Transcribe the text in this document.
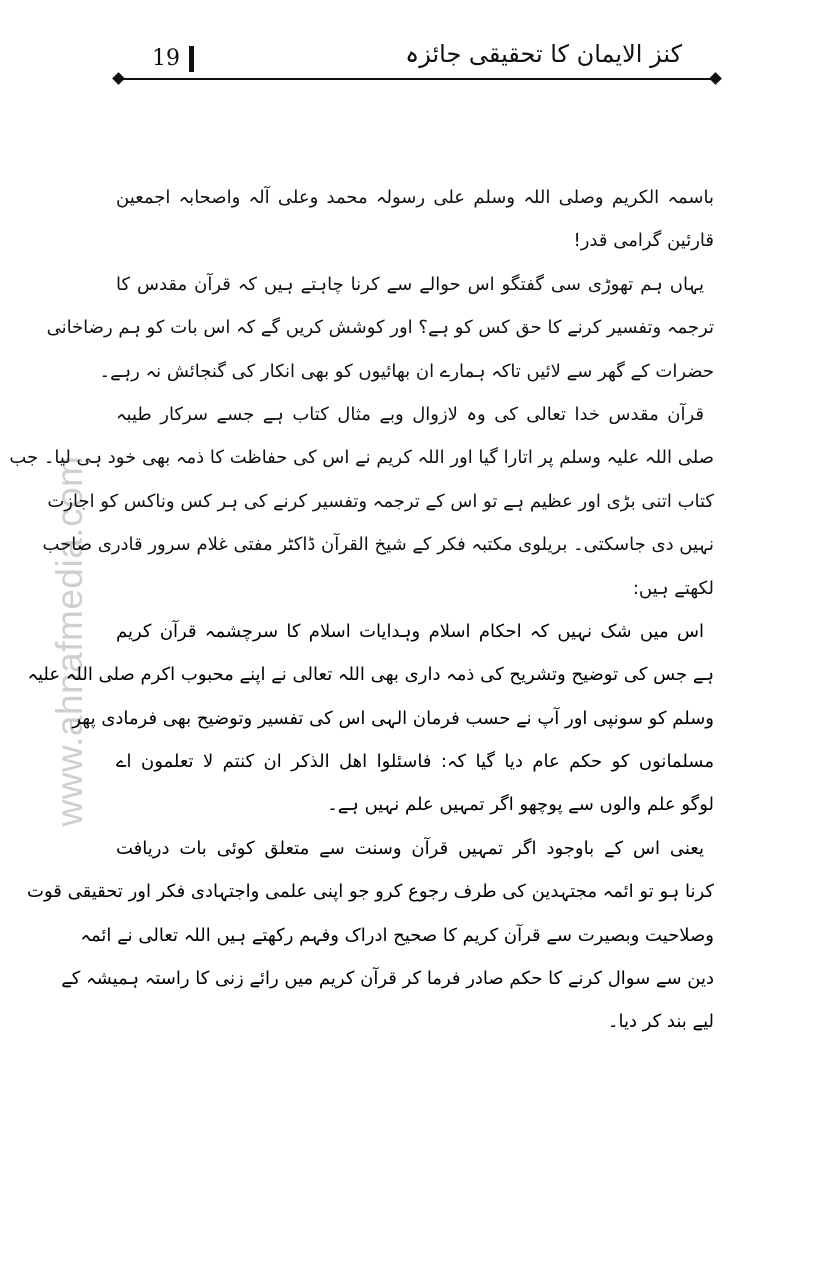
19	کنز الایمان کا تحقیقی جائزہ
www.ahnafmedia.com
باسمہ الکریم وصلی اللہ وسلم علی رسولہ محمد وعلی آلہ واصحابہ اجمعین
قارئین گرامی قدر!
یہاں ہم تھوڑی سی گفتگو اس حوالے سے کرنا چاہتے ہیں کہ قرآن مقدس کا
ترجمہ وتفسیر کرنے کا حق کس کو ہے؟ اور کوشش کریں گے کہ اس بات کو ہم رضاخانی
حضرات کے گھر سے لائیں تاکہ ہمارے ان بھائیوں کو بھی انکار کی گنجائش نہ رہے۔
قرآن مقدس خدا تعالی کی وہ لازوال وبے مثال کتاب ہے جسے سرکار طیبہ
صلی اللہ علیہ وسلم پر اتارا گیا اور اللہ کریم نے اس کی حفاظت کا ذمہ بھی خود ہی لیا۔ جب
کتاب اتنی بڑی اور عظیم ہے تو اس کے ترجمہ وتفسیر کرنے کی ہر کس وناکس کو اجازت
نہیں دی جاسکتی۔ بریلوی مکتبہ فکر کے شیخ القرآن ڈاکٹر مفتی غلام سرور قادری صاحب
لکھتے ہیں:
اس میں شک نہیں کہ احکام اسلام وہدایات اسلام کا سرچشمہ قرآن کریم
ہے جس کی توضیح وتشریح کی ذمہ داری بھی اللہ تعالی نے اپنے محبوب اکرم صلی اللہ علیہ
وسلم کو سونپی اور آپ نے حسب فرمان الہی اس کی تفسیر وتوضیح بھی فرمادی پھر
مسلمانوں کو حکم عام دیا گیا کہ: فاسئلوا اھل الذکر ان کنتم لا تعلمون اے
لوگو علم والوں سے پوچھو اگر تمہیں علم نہیں ہے۔
یعنی اس کے باوجود اگر تمہیں قرآن وسنت سے متعلق کوئی بات دریافت
کرنا ہو تو ائمہ مجتہدین کی طرف رجوع کرو جو اپنی علمی واجتہادی فکر اور تحقیقی قوت
وصلاحیت وبصیرت سے قرآن کریم کا صحیح ادراک وفہم رکھتے ہیں اللہ تعالی نے ائمہ
دین سے سوال کرنے کا حکم صادر فرما کر قرآن کریم میں رائے زنی کا راستہ ہمیشہ کے
لیے بند کر دیا۔
